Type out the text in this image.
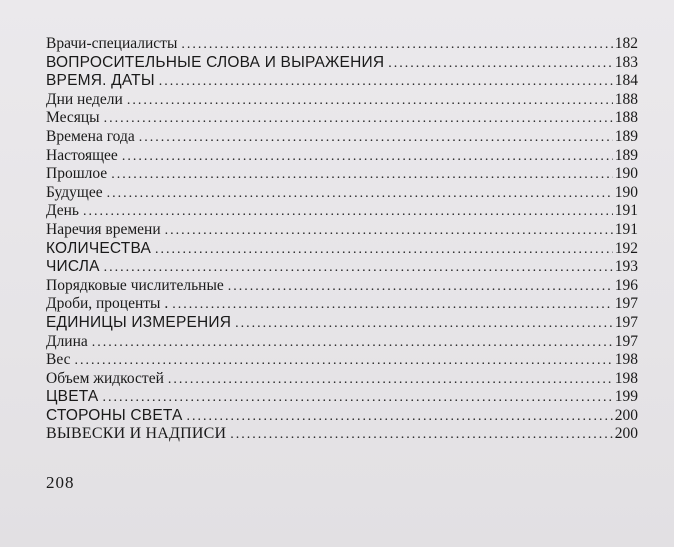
Врачи-специалисты .....	182
ВОПРОСИТЕЛЬНЫЕ СЛОВА И ВЫРАЖЕНИЯ .....	183
ВРЕМЯ. ДАТЫ .....	184
Дни недели .....	188
Месяцы .....	188
Времена года .....	189
Настоящее .....	189
Прошлое .....	190
Будущее .....	190
День .....	191
Наречия времени .....	191
КОЛИЧЕСТВА .....	192
ЧИСЛА .....	193
Порядковые числительные .....	196
Дроби, проценты . .....	197
ЕДИНИЦЫ ИЗМЕРЕНИЯ .....	197
Длина .....	197
Вес .....	198
Объем жидкостей .....	198
ЦВЕТА .....	199
СТОРОНЫ СВЕТА .....	200
ВЫВЕСКИ И НАДПИСИ .....	200
208
